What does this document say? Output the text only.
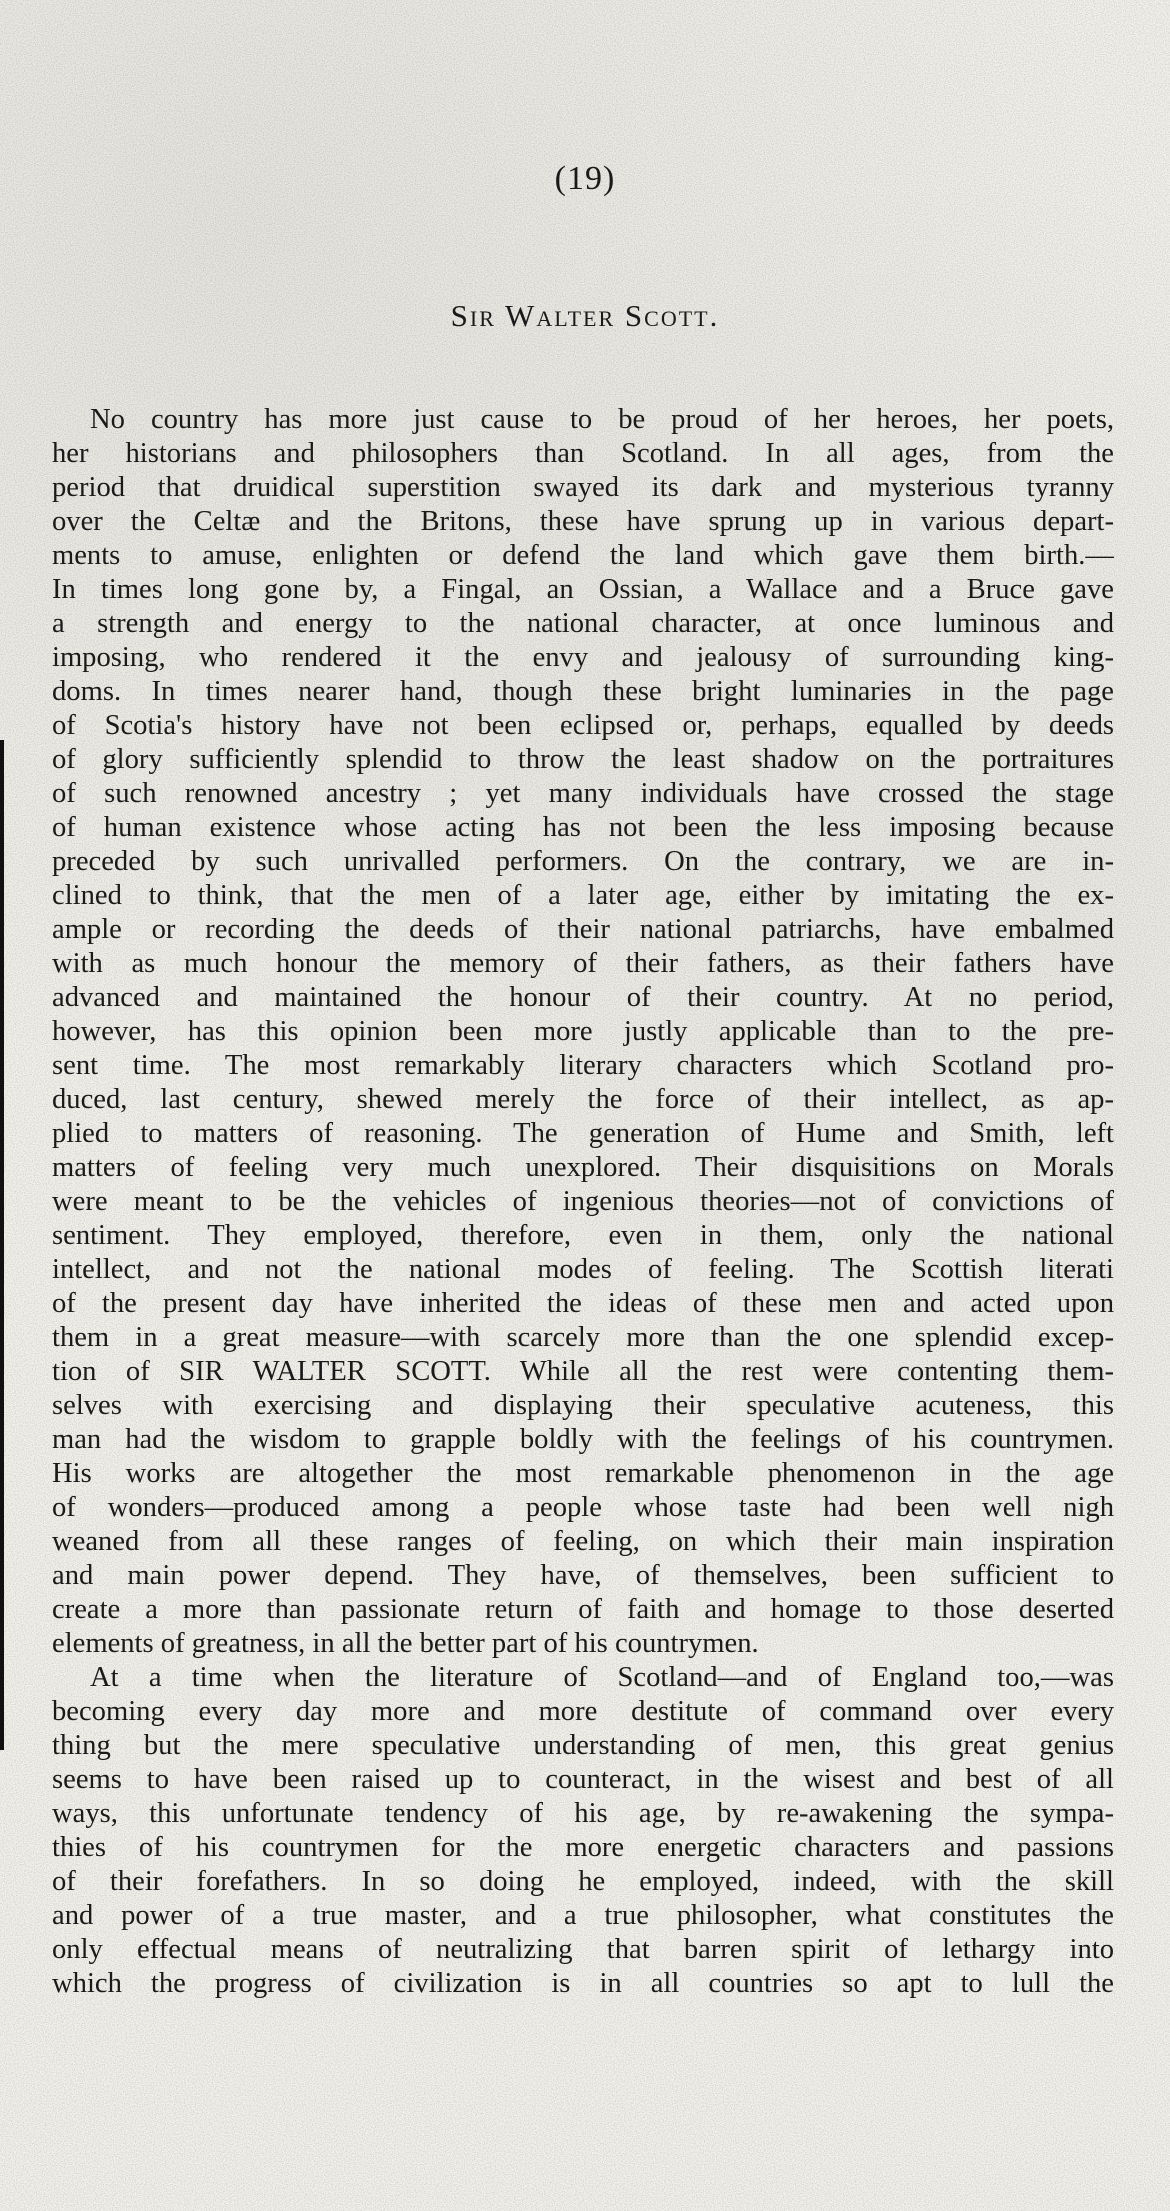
(19)
Sir Walter Scott.
No country has more just cause to be proud of her heroes, her poets,
her historians and philosophers than Scotland. In all ages, from the
period that druidical superstition swayed its dark and mysterious tyranny
over the Celtæ and the Britons, these have sprung up in various depart-
ments to amuse, enlighten or defend the land which gave them birth.—
In times long gone by, a Fingal, an Ossian, a Wallace and a Bruce gave
a strength and energy to the national character, at once luminous and
imposing, who rendered it the envy and jealousy of surrounding king-
doms. In times nearer hand, though these bright luminaries in the page
of Scotia's history have not been eclipsed or, perhaps, equalled by deeds
of glory sufficiently splendid to throw the least shadow on the portraitures
of such renowned ancestry ; yet many individuals have crossed the stage
of human existence whose acting has not been the less imposing because
preceded by such unrivalled performers. On the contrary, we are in-
clined to think, that the men of a later age, either by imitating the ex-
ample or recording the deeds of their national patriarchs, have embalmed
with as much honour the memory of their fathers, as their fathers have
advanced and maintained the honour of their country. At no period,
however, has this opinion been more justly applicable than to the pre-
sent time. The most remarkably literary characters which Scotland pro-
duced, last century, shewed merely the force of their intellect, as ap-
plied to matters of reasoning. The generation of Hume and Smith, left
matters of feeling very much unexplored. Their disquisitions on Morals
were meant to be the vehicles of ingenious theories—not of convictions of
sentiment. They employed, therefore, even in them, only the national
intellect, and not the national modes of feeling. The Scottish literati
of the present day have inherited the ideas of these men and acted upon
them in a great measure—with scarcely more than the one splendid excep-
tion of SIR WALTER SCOTT. While all the rest were contenting them-
selves with exercising and displaying their speculative acuteness, this
man had the wisdom to grapple boldly with the feelings of his countrymen.
His works are altogether the most remarkable phenomenon in the age
of wonders—produced among a people whose taste had been well nigh
weaned from all these ranges of feeling, on which their main inspiration
and main power depend. They have, of themselves, been sufficient to
create a more than passionate return of faith and homage to those deserted
elements of greatness, in all the better part of his countrymen.
At a time when the literature of Scotland—and of England too,—was
becoming every day more and more destitute of command over every
thing but the mere speculative understanding of men, this great genius
seems to have been raised up to counteract, in the wisest and best of all
ways, this unfortunate tendency of his age, by re-awakening the sympa-
thies of his countrymen for the more energetic characters and passions
of their forefathers. In so doing he employed, indeed, with the skill
and power of a true master, and a true philosopher, what constitutes the
only effectual means of neutralizing that barren spirit of lethargy into
which the progress of civilization is in all countries so apt to lull the
